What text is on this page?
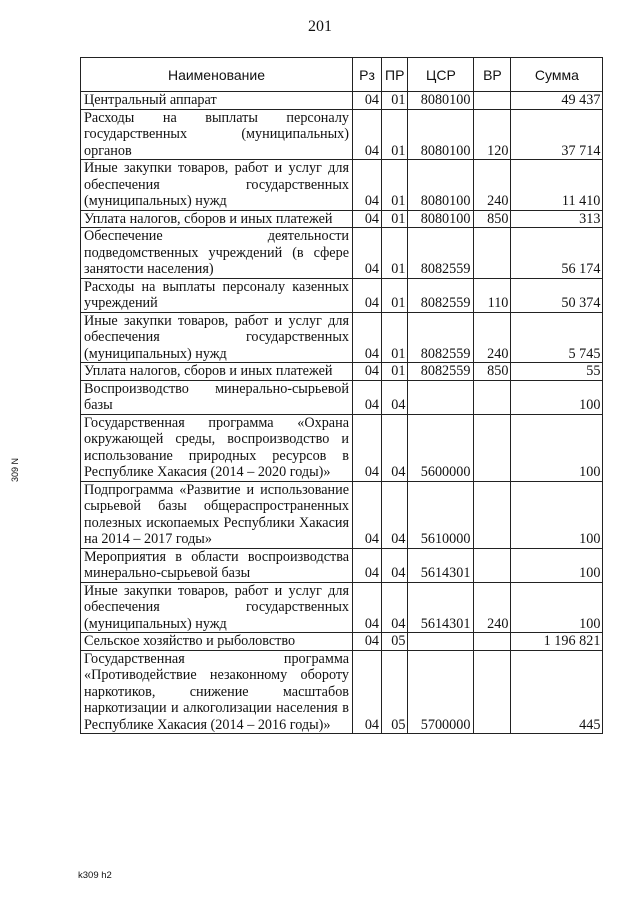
201
Наименование	Рз	ПР	ЦСР	ВР	Сумма
Центральный аппарат	04	01	8080100		49 437
Расходы на выплаты персоналу государственных (муниципальных) органов	04	01	8080100	120	37 714
Иные закупки товаров, работ и услуг для обеспечения государственных (муниципальных) нужд	04	01	8080100	240	11 410
Уплата налогов, сборов и иных платежей	04	01	8080100	850	313
Обеспечение деятельности подведомственных учреждений (в сфере занятости населения)	04	01	8082559		56 174
Расходы на выплаты персоналу казенных учреждений	04	01	8082559	110	50 374
Иные закупки товаров, работ и услуг для обеспечения государственных (муниципальных) нужд	04	01	8082559	240	5 745
Уплата налогов, сборов и иных платежей	04	01	8082559	850	55
Воспроизводство минерально-сырьевой базы	04	04			100
Государственная программа «Охрана окружающей среды, воспроизводство и использование природных ресурсов в Республике Хакасия (2014 – 2020 годы)»	04	04	5600000		100
Подпрограмма «Развитие и использование сырьевой базы общераспространенных полезных ископаемых Республики Хакасия на 2014 – 2017 годы»	04	04	5610000		100
Мероприятия в области воспроизводства минерально-сырьевой базы	04	04	5614301		100
Иные закупки товаров, работ и услуг для обеспечения государственных (муниципальных) нужд	04	04	5614301	240	100
Сельское хозяйство и рыболовство	04	05			1 196 821
Государственная программа «Противодействие незаконному обороту наркотиков, снижение масштабов наркотизации и алкоголизации населения в Республике Хакасия (2014 – 2016 годы)»	04	05	5700000		445
309 N
k309 h2
